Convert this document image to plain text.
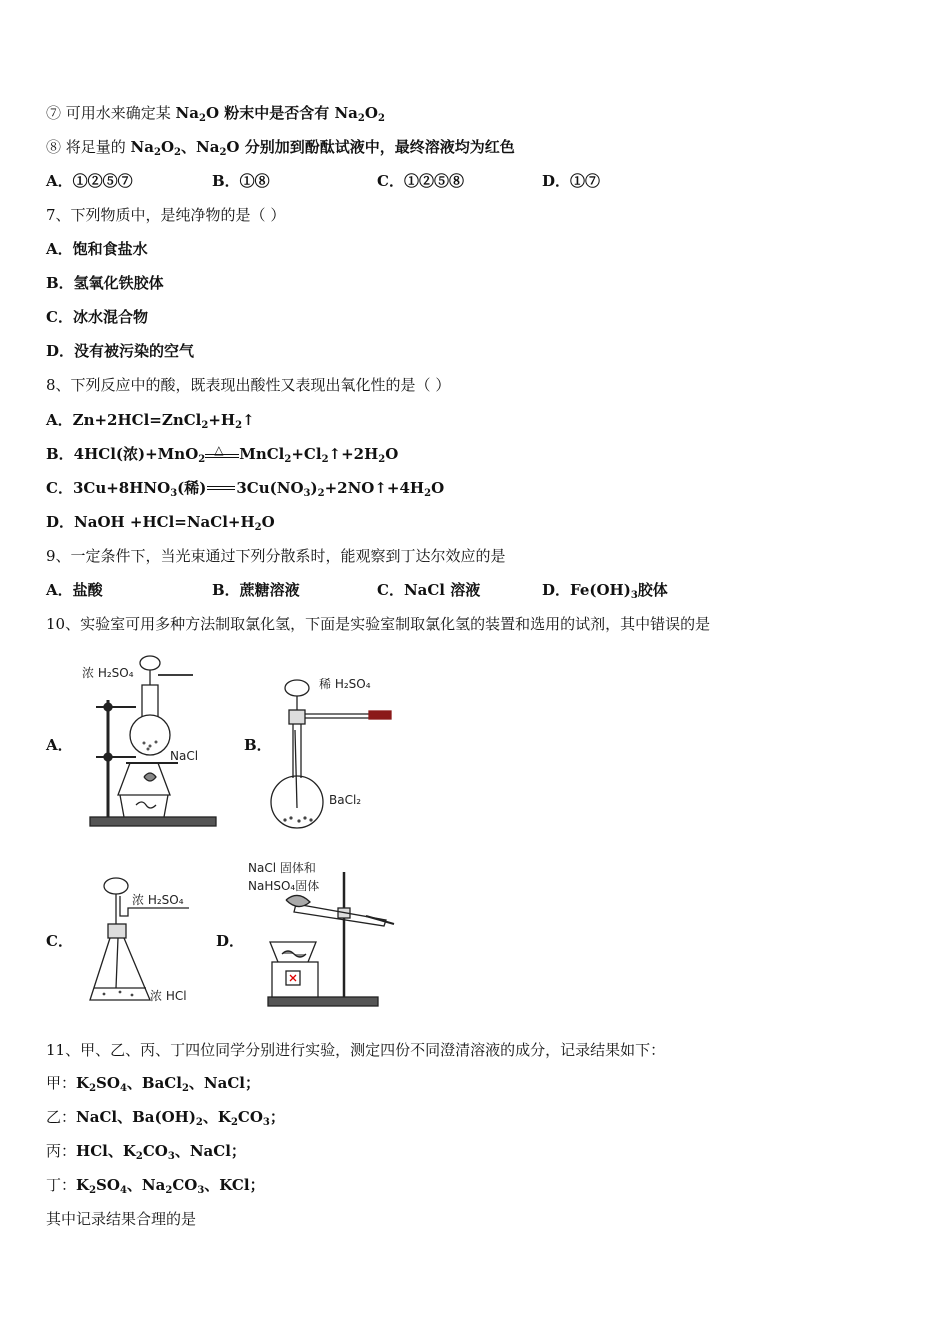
⑦ 可用水来确定某 $Na_2O$ 粉末中是否含有 $Na_2O_2$
⑧ 将足量的 $Na_2O_2$、$Na_2O$ 分别加到酚酞试液中，最终溶液均为红色
A．①②⑤⑦	B．①⑧	C．①②⑤⑧	D．①⑦
7、下列物质中，是纯净物的是（ ）
A．饱和食盐水
B．氢氧化铁胶体
C．冰水混合物
D．没有被污染的空气
8、下列反应中的酸，既表现出酸性又表现出氧化性的是（ ）
A．$Zn+2HCl=ZnCl_2+H_2↑$
B．4HCl(浓)+MnO$_2$
△ $MnCl_2+Cl_2↑+2H_2O$
C．$3Cu+8HNO_3$(稀) $3Cu(NO_3)_2+2NO↑+4H_2O$
D．NaOH $+HCl=NaCl+H_2O$
9、一定条件下，当光束通过下列分散系时，能观察到丁达尔效应的是
A．盐酸	B．蔗糖溶液	C．NaCl 溶液	D．$Fe(OH)_3$胶体
10、实验室可用多种方法制取氯化氢，下面是实验室制取氯化氢的装置和选用的试剂，其中错误的是
A．	B．
C．	D．
浓 H₂SO₄
NaCl
稀 H₂SO₄
BaCl₂
浓 H₂SO₄
浓 HCl
NaCl 固体和
NaHSO₄固体
11、甲、乙、丙、丁四位同学分别进行实验，测定四份不同澄清溶液的成分，记录结果如下：
甲：$K_2SO_4$、BaCl$_2$、NaCl；
乙：NaCl、$Ba(OH)_2$、$K_2CO_3$；
丙：HCl、$K_2CO_3$、NaCl；
丁：$K_2SO_4$、$Na_2CO_3$、KCl；
其中记录结果合理的是
